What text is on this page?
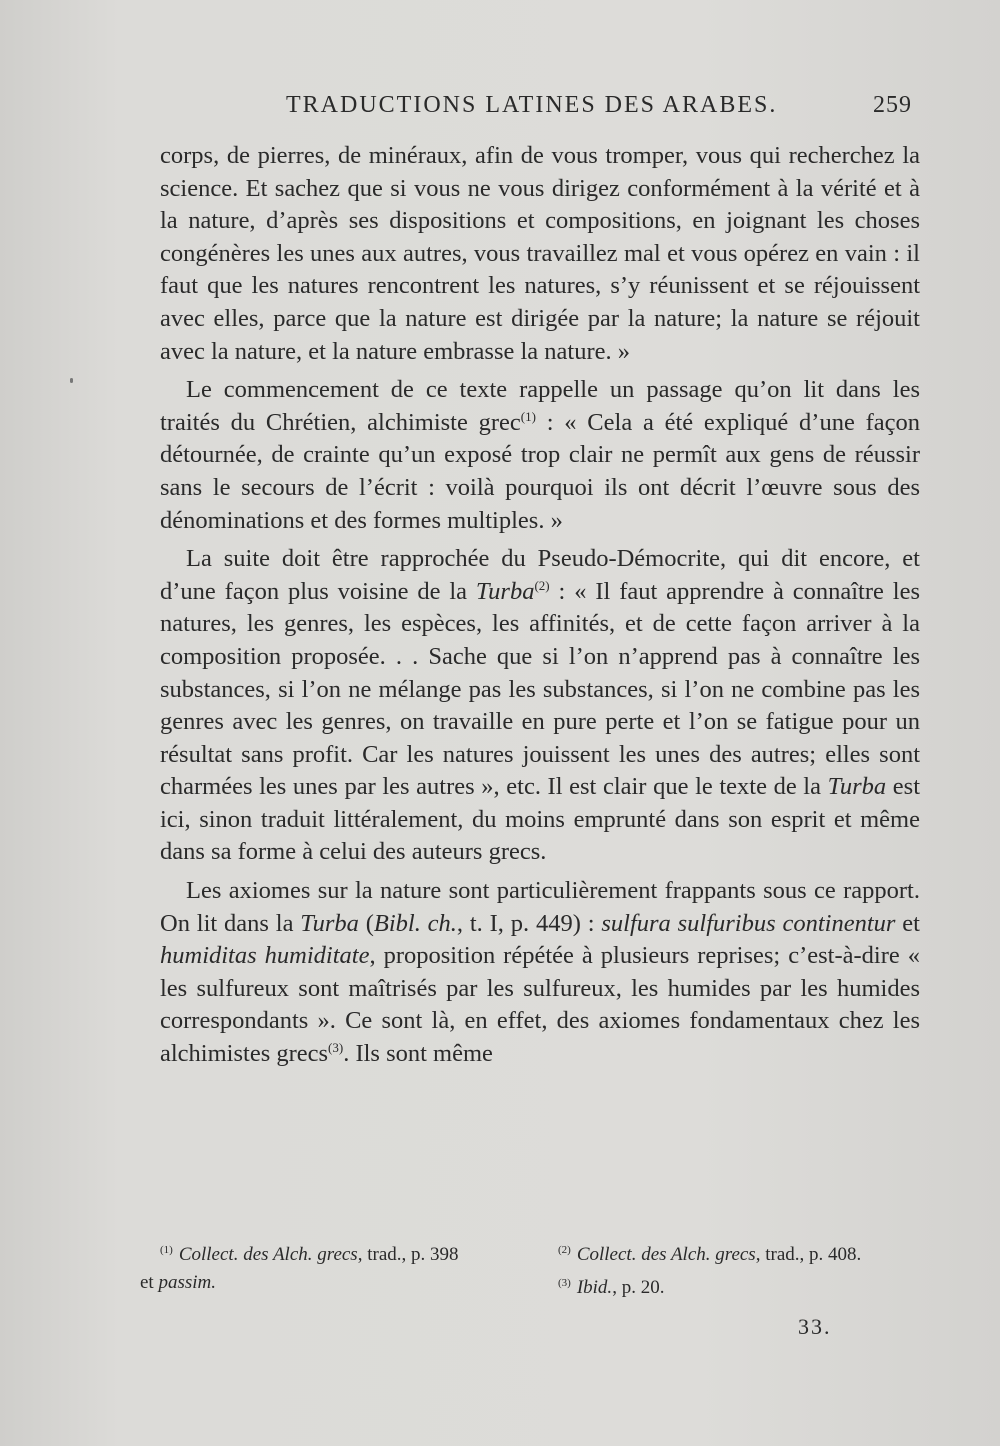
TRADUCTIONS LATINES DES ARABES.	259

corps, de pierres, de minéraux, afin de vous tromper, vous qui recherchez la science. Et sachez que si vous ne vous dirigez conformément à la vérité et à la nature, d’après ses dispositions et compositions, en joignant les choses congénères les unes aux autres, vous travaillez mal et vous opérez en vain : il faut que les natures rencontrent les natures, s’y réunissent et se réjouissent avec elles, parce que la nature est dirigée par la nature; la nature se réjouit avec la nature, et la nature embrasse la nature. »

Le commencement de ce texte rappelle un passage qu’on lit dans les traités du Chrétien, alchimiste grec$^{(1)}$ : « Cela a été expliqué d’une façon détournée, de crainte qu’un exposé trop clair ne permît aux gens de réussir sans le secours de l’écrit : voilà pourquoi ils ont décrit l’œuvre sous des dénominations et des formes multiples. »

La suite doit être rapprochée du Pseudo-Démocrite, qui dit encore, et d’une façon plus voisine de la Turba$^{(2)}$ : « Il faut apprendre à connaître les natures, les genres, les espèces, les affinités, et de cette façon arriver à la composition proposée. . . Sache que si l’on n’apprend pas à connaître les substances, si l’on ne mélange pas les substances, si l’on ne combine pas les genres avec les genres, on travaille en pure perte et l’on se fatigue pour un résultat sans profit. Car les natures jouissent les unes des autres; elles sont charmées les unes par les autres », etc. Il est clair que le texte de la Turba est ici, sinon traduit littéralement, du moins emprunté dans son esprit et même dans sa forme à celui des auteurs grecs.

Les axiomes sur la nature sont particulièrement frappants sous ce rapport. On lit dans la Turba (Bibl. ch., t. I, p. 449) : sulfura sulfuribus continentur et humiditas humiditate, proposition répétée à plusieurs reprises; c’est-à-dire « les sulfureux sont maîtrisés par les sulfureux, les humides par les humides correspondants ». Ce sont là, en effet, des axiomes fondamentaux chez les alchimistes grecs$^{(3)}$. Ils sont même

$^{(1)}$ Collect. des Alch. grecs, trad., p. 398
et passim.
$^{(2)}$ Collect. des Alch. grecs, trad., p. 408.
$^{(3)}$ Ibid., p. 20.
33.
